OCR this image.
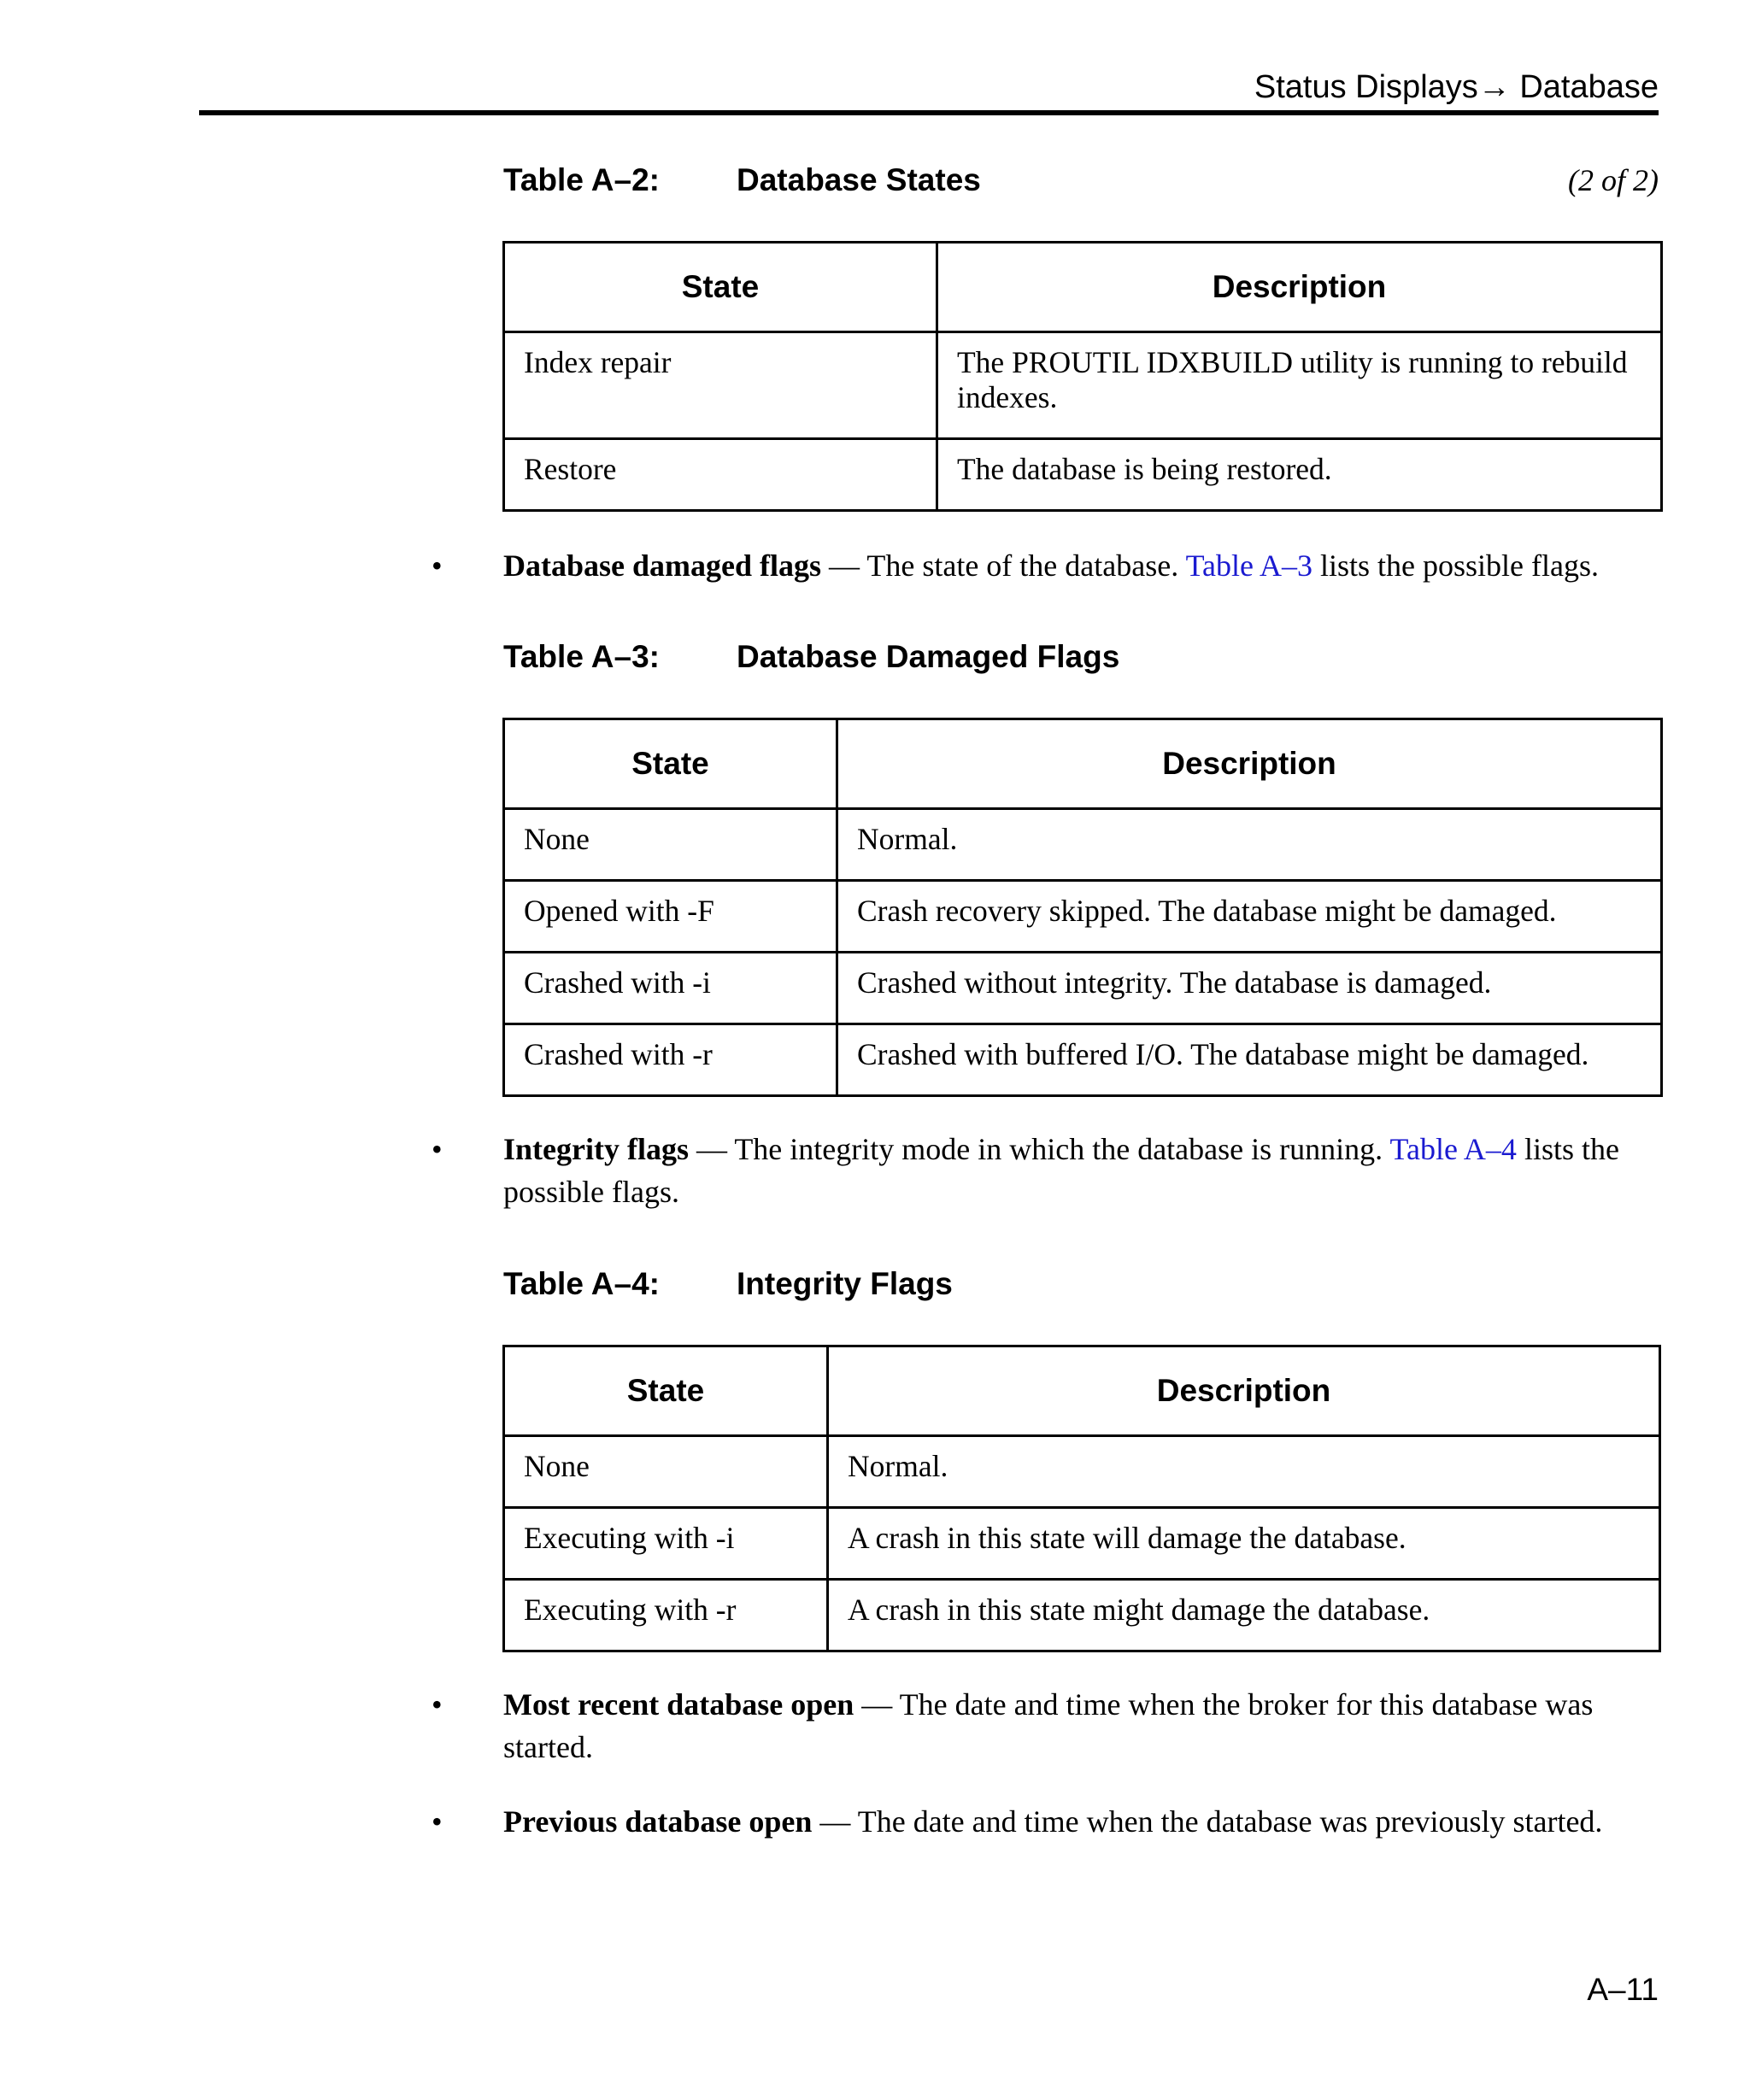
Status Displays→ Database
Table A–2: Database States	(2 of 2)
State	Description
Index repair	The PROUTIL IDXBUILD utility is running to rebuild indexes.
Restore	The database is being restored.
• Database damaged flags — The state of the database. Table A–3 lists the possible flags.
Table A–3: Database Damaged Flags
State	Description
None	Normal.
Opened with -F	Crash recovery skipped. The database might be damaged.
Crashed with -i	Crashed without integrity. The database is damaged.
Crashed with -r	Crashed with buffered I/O. The database might be damaged.
• Integrity flags — The integrity mode in which the database is running. Table A–4 lists the possible flags.
Table A–4: Integrity Flags
State	Description
None	Normal.
Executing with -i	A crash in this state will damage the database.
Executing with -r	A crash in this state might damage the database.
• Most recent database open — The date and time when the broker for this database was started.
• Previous database open — The date and time when the database was previously started.
A–11
